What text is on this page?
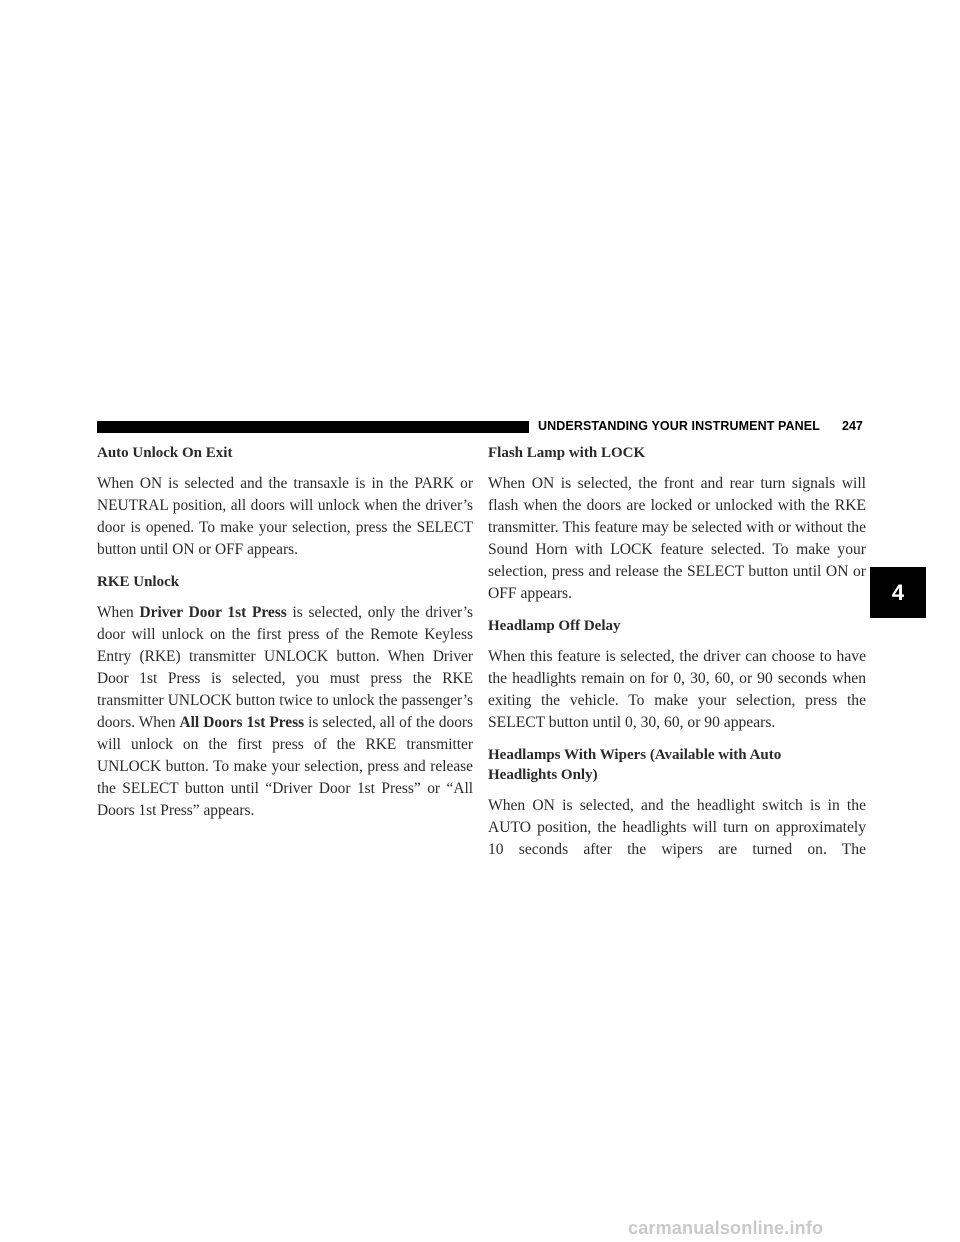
UNDERSTANDING YOUR INSTRUMENT PANEL 247
Auto Unlock On Exit

When ON is selected and the transaxle is in the PARK or NEUTRAL position, all doors will unlock when the driver’s door is opened. To make your selection, press the SELECT button until ON or OFF appears.

RKE Unlock

When Driver Door 1st Press is selected, only the driver’s door will unlock on the first press of the Remote Keyless Entry (RKE) transmitter UNLOCK button. When Driver Door 1st Press is selected, you must press the RKE transmitter UNLOCK button twice to unlock the passenger’s doors. When All Doors 1st Press is selected, all of the doors will unlock on the first press of the RKE transmitter UNLOCK button. To make your selection, press and release the SELECT button until “Driver Door 1st Press” or “All Doors 1st Press” appears.

Flash Lamp with LOCK

When ON is selected, the front and rear turn signals will flash when the doors are locked or unlocked with the RKE transmitter. This feature may be selected with or without the Sound Horn with LOCK feature selected. To make your selection, press and release the SELECT button until ON or OFF appears.

Headlamp Off Delay

When this feature is selected, the driver can choose to have the headlights remain on for 0, 30, 60, or 90 seconds when exiting the vehicle. To make your selection, press the SELECT button until 0, 30, 60, or 90 appears.

Headlamps With Wipers (Available with Auto
Headlights Only)

When ON is selected, and the headlight switch is in the AUTO position, the headlights will turn on approximately 10 seconds after the wipers are turned on. The

4
carmanualsonline.info
